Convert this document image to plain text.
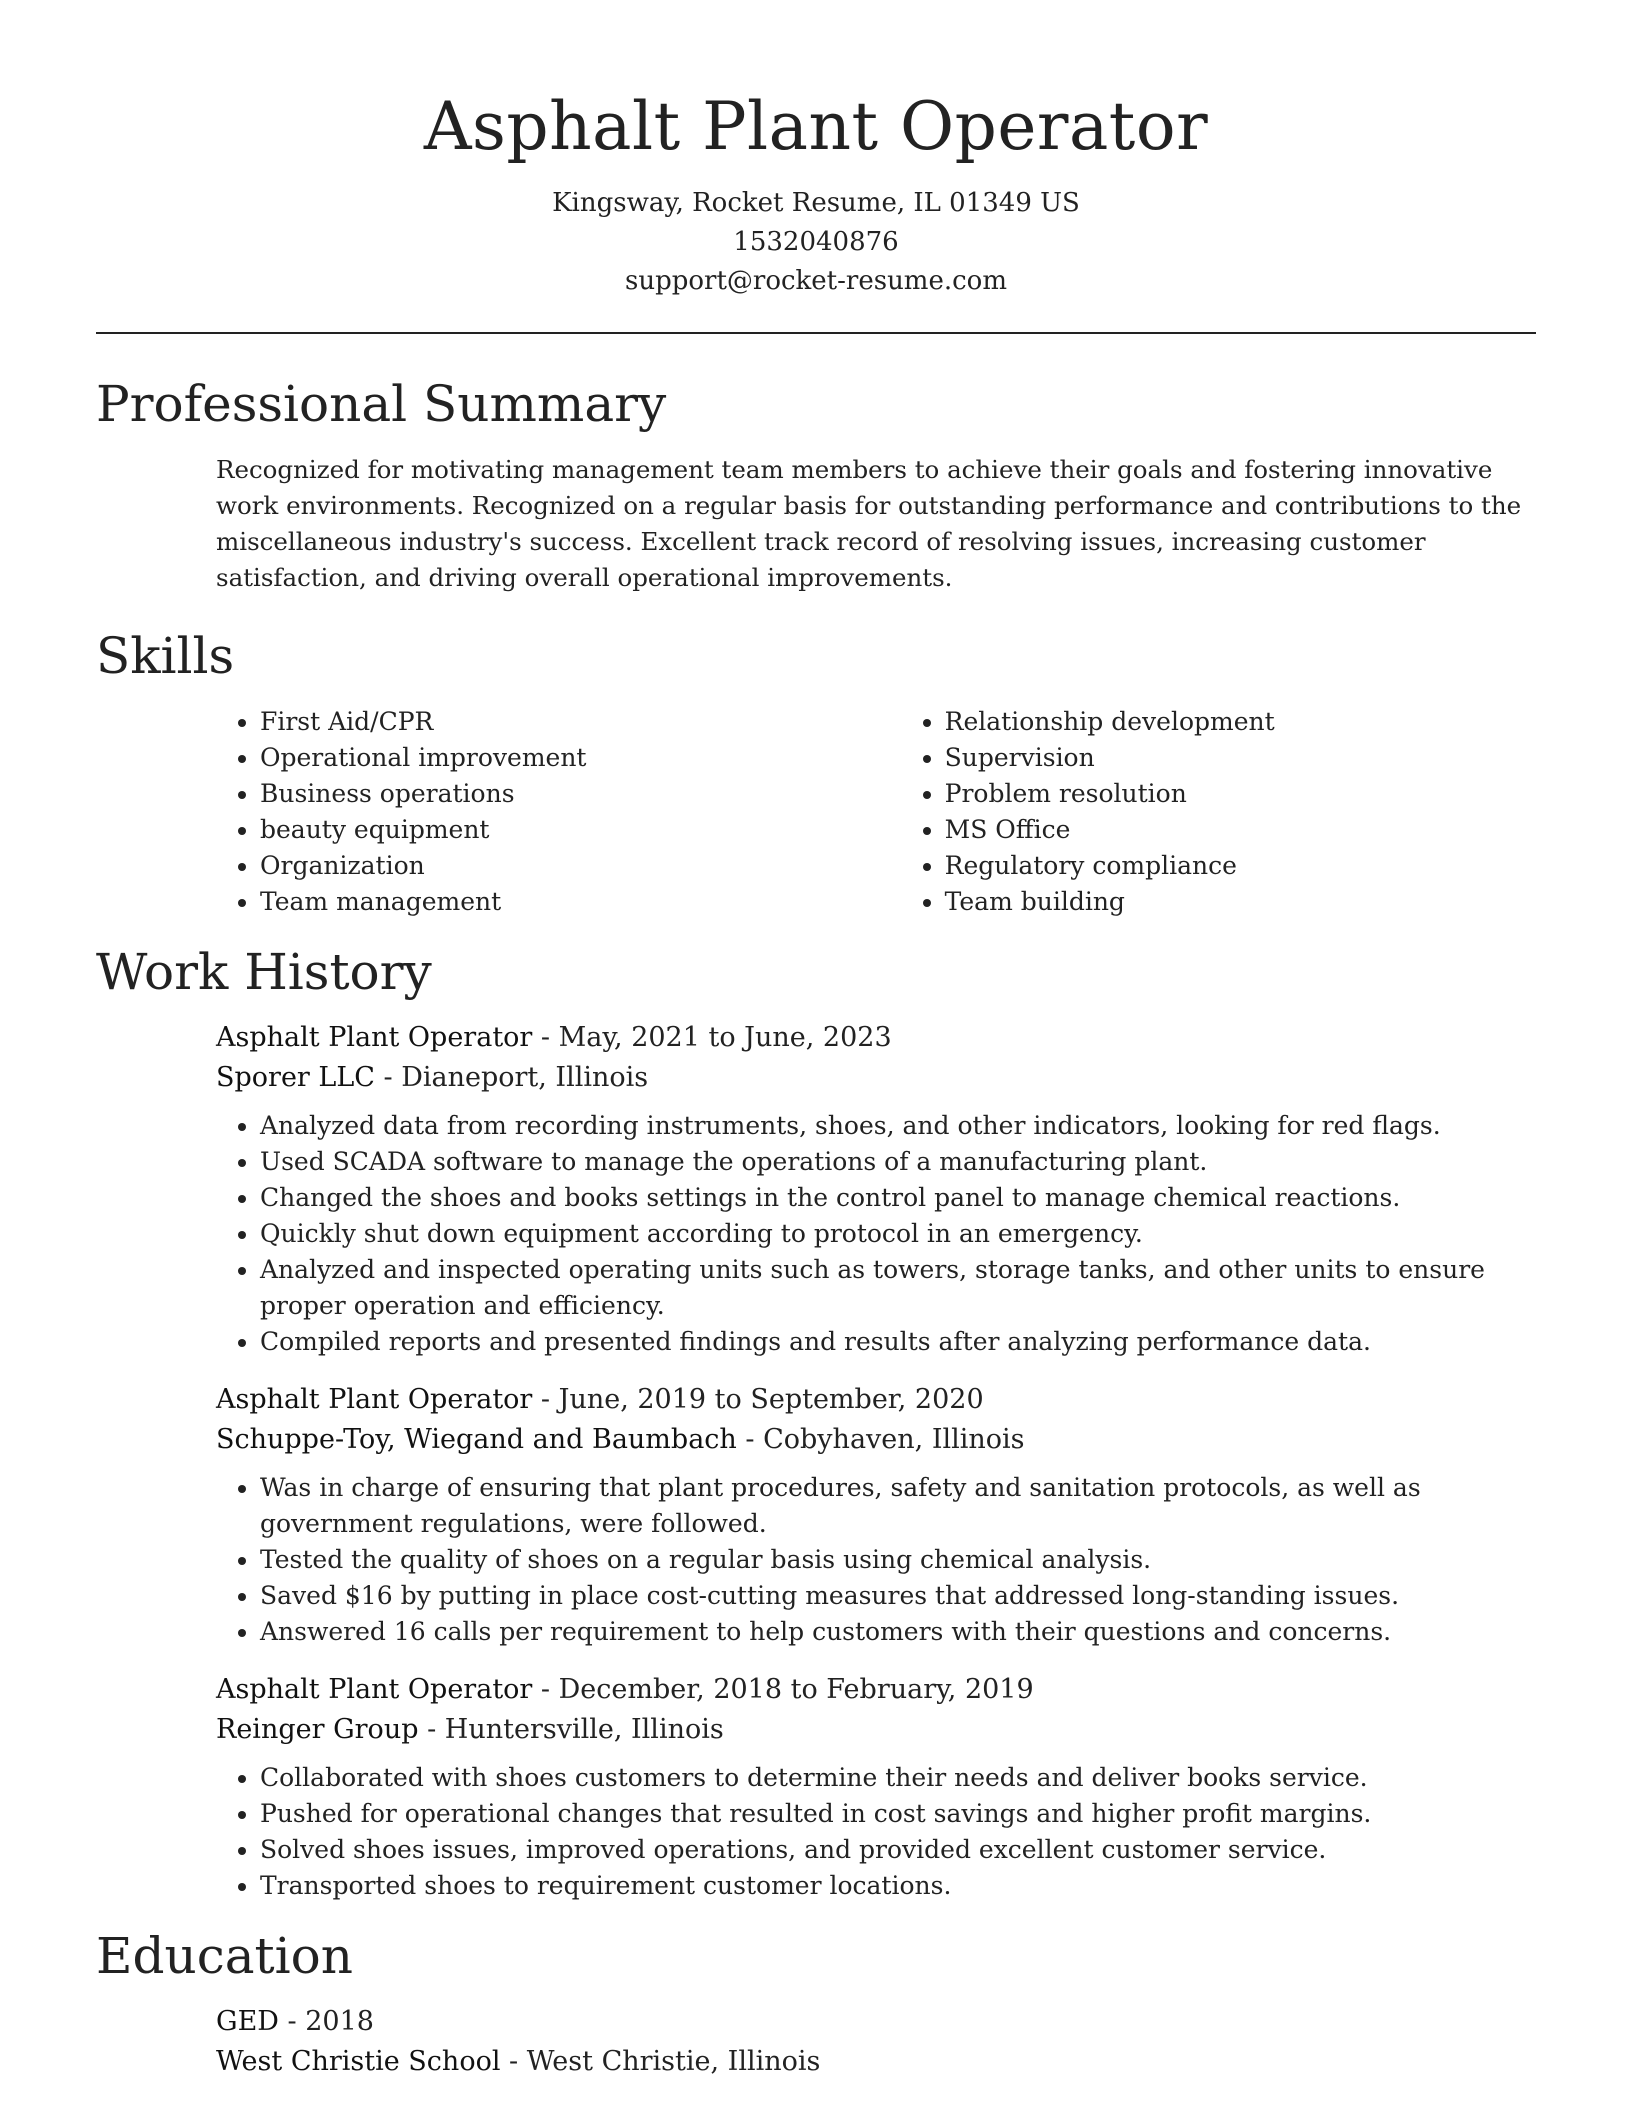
Asphalt Plant Operator
Kingsway, Rocket Resume, IL 01349 US
1532040876
support@rocket-resume.com
Professional Summary

Recognized for motivating management team members to achieve their goals and fostering innovative work environments. Recognized on a regular basis for outstanding performance and contributions to the miscellaneous industry's success. Excellent track record of resolving issues, increasing customer satisfaction, and driving overall operational improvements.

Skills
• First Aid/CPR
• Operational improvement
• Business operations
• beauty equipment
• Organization
• Team management
• Relationship development
• Supervision
• Problem resolution
• MS Office
• Regulatory compliance
• Team building
Work History
Asphalt Plant Operator - May, 2021 to June, 2023
Sporer LLC - Dianeport, Illinois
• Analyzed data from recording instruments, shoes, and other indicators, looking for red flags.
• Used SCADA software to manage the operations of a manufacturing plant.
• Changed the shoes and books settings in the control panel to manage chemical reactions.
• Quickly shut down equipment according to protocol in an emergency.
• Analyzed and inspected operating units such as towers, storage tanks, and other units to ensure proper operation and efficiency.
• Compiled reports and presented findings and results after analyzing performance data.
Asphalt Plant Operator - June, 2019 to September, 2020
Schuppe-Toy, Wiegand and Baumbach - Cobyhaven, Illinois
• Was in charge of ensuring that plant procedures, safety and sanitation protocols, as well as government regulations, were followed.
• Tested the quality of shoes on a regular basis using chemical analysis.
• Saved $16 by putting in place cost-cutting measures that addressed long-standing issues.
• Answered 16 calls per requirement to help customers with their questions and concerns.
Asphalt Plant Operator - December, 2018 to February, 2019
Reinger Group - Huntersville, Illinois
• Collaborated with shoes customers to determine their needs and deliver books service.
• Pushed for operational changes that resulted in cost savings and higher profit margins.
• Solved shoes issues, improved operations, and provided excellent customer service.
• Transported shoes to requirement customer locations.
Education
GED - 2018
West Christie School - West Christie, Illinois
